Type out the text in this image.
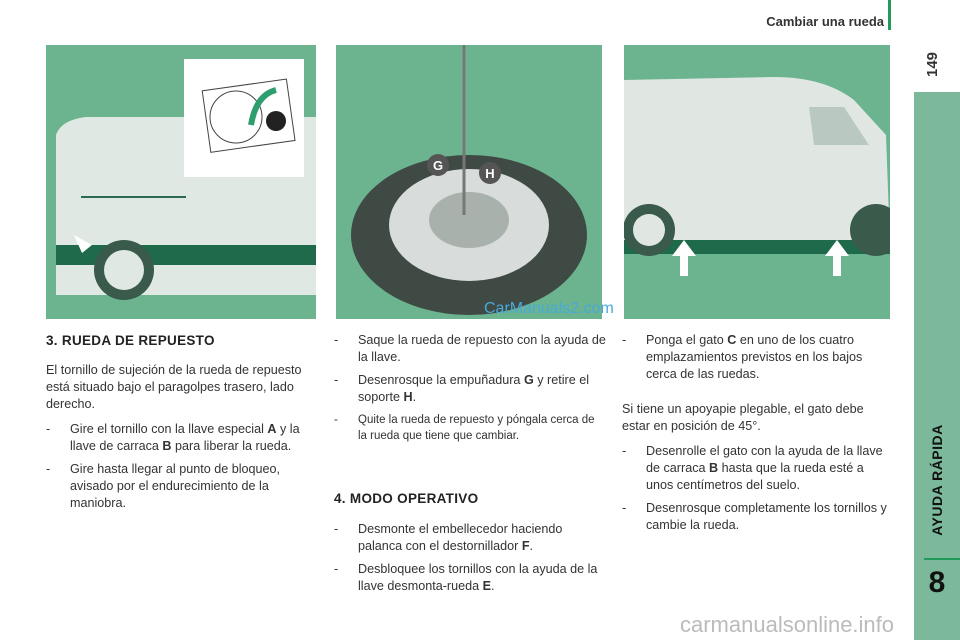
Cambiar una rueda
149
AYUDA RÁPIDA
8
G
H
3. RUEDA DE REPUESTO

El tornillo de sujeción de la rueda de repuesto está situado bajo el paragolpes trasero, lado derecho.

-	Gire el tornillo con la llave especial A y la llave de carraca B para liberar la rueda.
-	Gire hasta llegar al punto de bloqueo, avisado por el endurecimiento de la maniobra.
-	Saque la rueda de repuesto con la ayuda de la llave.
-	Desenrosque la empuñadura G y retire el soporte H.
-	Quite la rueda de repuesto y póngala cerca de la rueda que tiene que cambiar.
4. MODO OPERATIVO
-	Desmonte el embellecedor haciendo palanca con el destornillador F.
-	Desbloquee los tornillos con la ayuda de la llave desmonta-rueda E.
-	Ponga el gato C en uno de los cuatro emplazamientos previstos en los bajos cerca de las ruedas.

Si tiene un apoyapie plegable, el gato debe estar en posición de 45°.

-	Desenrolle el gato con la ayuda de la llave de carraca B hasta que la rueda esté a unos centímetros del suelo.
-	Desenrosque completamente los tornillos y cambie la rueda.
CarManuals2.com
carmanualsonline.info
